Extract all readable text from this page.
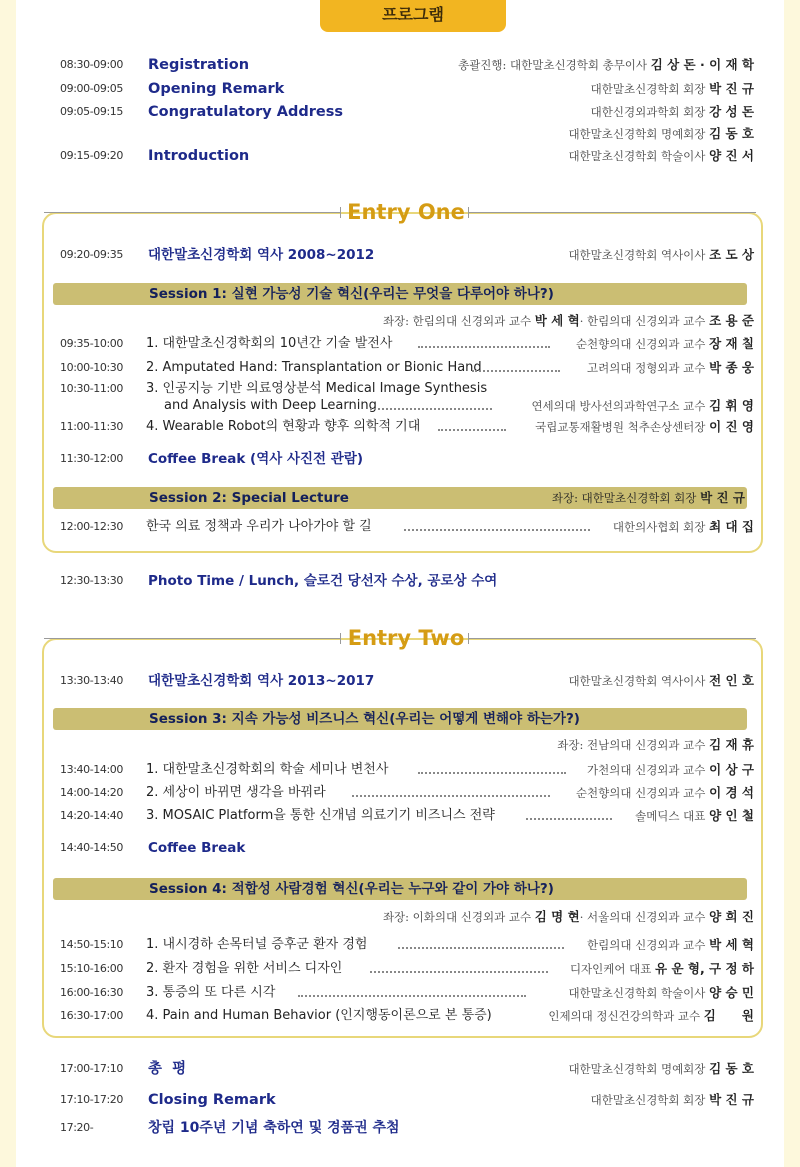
프로그램
08:30-09:00 Registration	총괄진행: 대한말초신경학회 총무이사 김 상 돈 · 이 재 학
09:00-09:05 Opening Remark	대한말초신경학회 회장 박 진 규
09:05-09:15 Congratulatory Address	대한신경외과학회 회장 강 성 돈
대한말초신경학회 명예회장 김 동 호
09:15-09:20 Introduction	대한말초신경학회 학술이사 양 진 서
Entry One
09:20-09:35 대한말초신경학회 역사 2008~2012	대한말초신경학회 역사이사 조 도 상
Session 1: 실현 가능성 기술 혁신(우리는 무엇을 다루어야 하나?)
좌장: 한림의대 신경외과 교수 박 세 혁· 한림의대 신경외과 교수 조 용 준
09:35-10:00 1. 대한말초신경학회의 10년간 기술 발전사	순천향의대 신경외과 교수 장 재 칠
10:00-10:30 2. Amputated Hand: Transplantation or Bionic Hand	고려의대 정형외과 교수 박 종 웅
10:30-11:00 3. 인공지능 기반 의료영상분석 Medical Image Synthesis
and Analysis with Deep Learning	연세의대 방사선의과학연구소 교수 김 휘 영
11:00-11:30 4. Wearable Robot의 현황과 향후 의학적 기대	국립교통재활병원 척추손상센터장 이 진 영
11:30-12:00 Coffee Break (역사 사진전 관람)
Session 2: Special Lecture	좌장: 대한말초신경학회 회장 박 진 규
12:00-12:30 한국 의료 정책과 우리가 나아가야 할 길	대한의사협회 회장 최 대 집
12:30-13:30 Photo Time / Lunch, 슬로건 당선자 수상, 공로상 수여
Entry Two
13:30-13:40 대한말초신경학회 역사 2013~2017	대한말초신경학회 역사이사 전 인 호
Session 3: 지속 가능성 비즈니스 혁신(우리는 어떻게 변해야 하는가?)
좌장: 전남의대 신경외과 교수 김 재 휴
13:40-14:00 1. 대한말초신경학회의 학술 세미나 변천사	가천의대 신경외과 교수 이 상 구
14:00-14:20 2. 세상이 바뀌면 생각을 바꿔라	순천향의대 신경외과 교수 이 경 석
14:20-14:40 3. MOSAIC Platform을 통한 신개념 의료기기 비즈니스 전략	솔메딕스 대표 양 인 철
14:40-14:50 Coffee Break
Session 4: 적합성 사람경험 혁신(우리는 누구와 같이 가야 하나?)
좌장: 이화의대 신경외과 교수 김 명 현· 서울의대 신경외과 교수 양 희 진
14:50-15:10 1. 내시경하 손목터널 증후군 환자 경험	한림의대 신경외과 교수 박 세 혁
15:10-16:00 2. 환자 경험을 위한 서비스 디자인	디자인케어 대표 유 운 형, 구 정 하
16:00-16:30 3. 통증의 또 다른 시각	대한말초신경학회 학술이사 양 승 민
16:30-17:00 4. Pain and Human Behavior (인지행동이론으로 본 통증)	인제의대 정신건강의학과 교수 김      원
17:00-17:10 총  평	대한말초신경학회 명예회장 김 동 호
17:10-17:20 Closing Remark	대한말초신경학회 회장 박 진 규
17:20-	창립 10주년 기념 축하연 및 경품권 추첨
